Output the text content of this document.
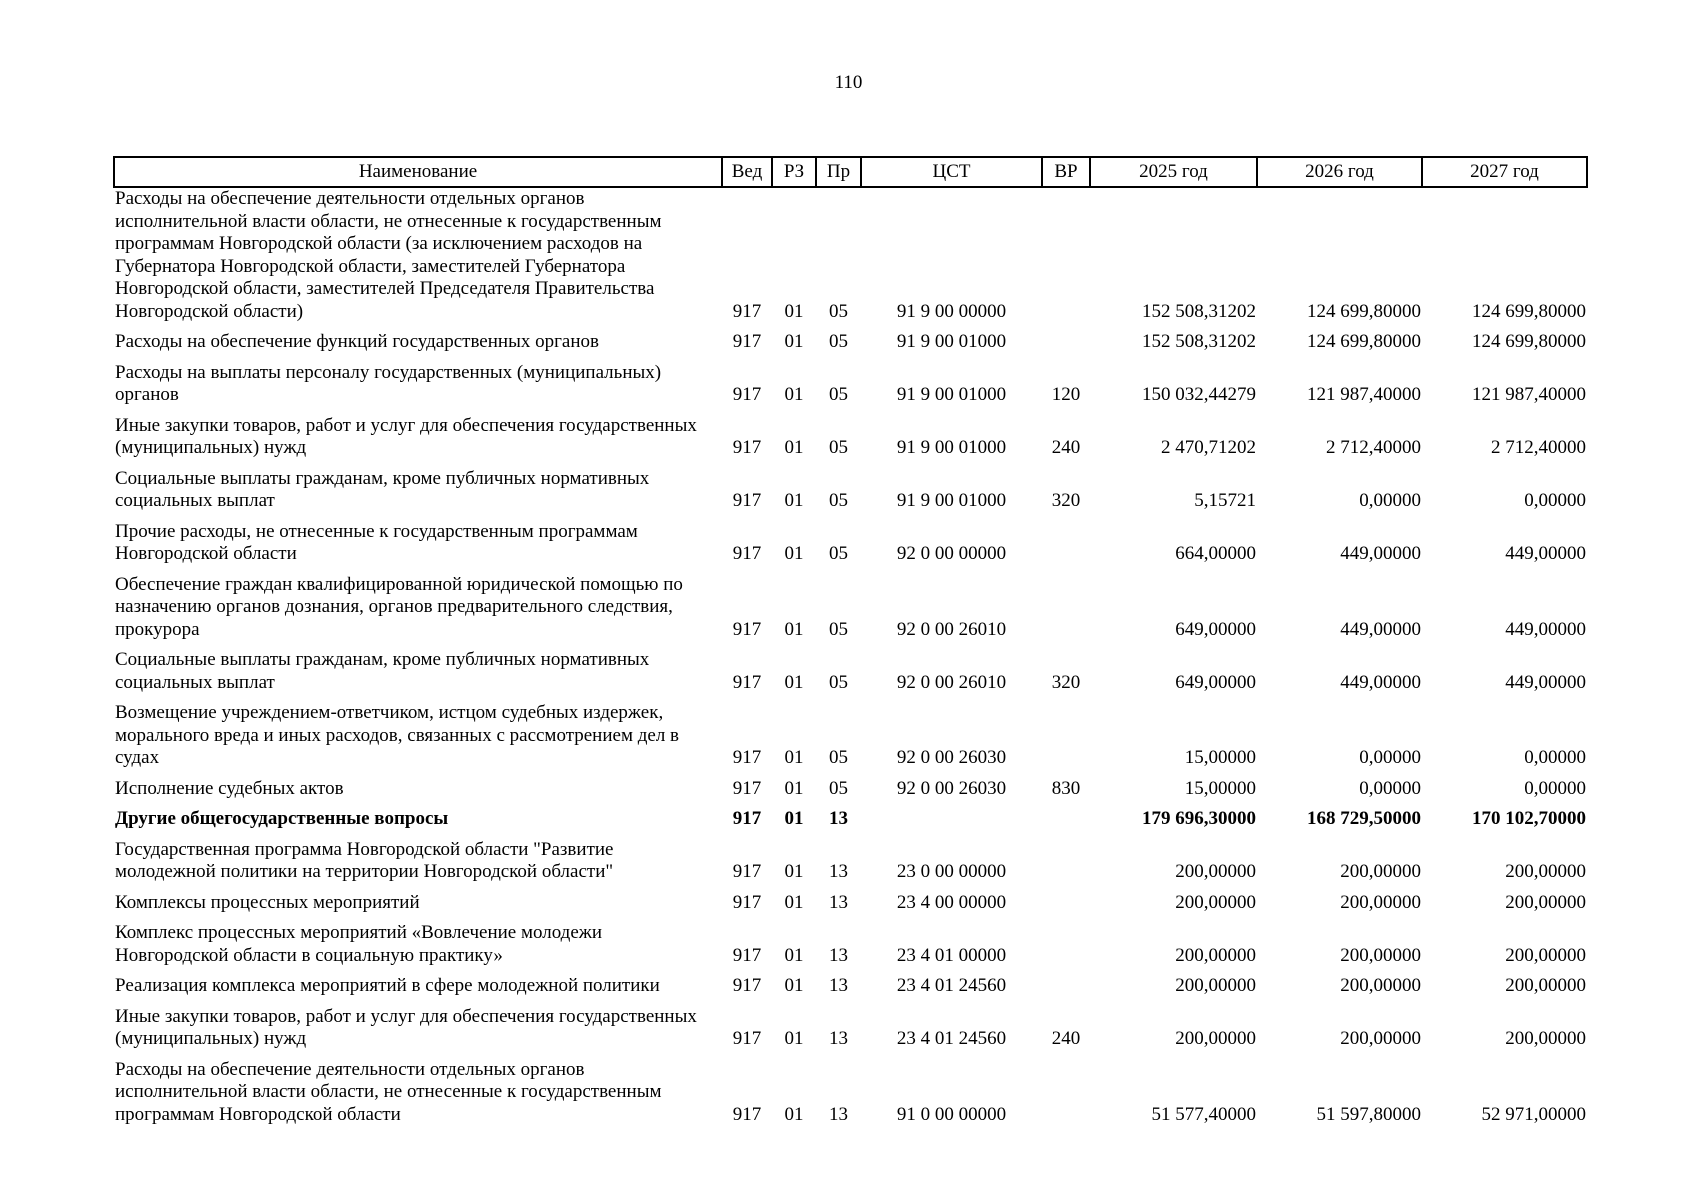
110
Наименование	Вед	РЗ	Пр	ЦСТ	ВР	2025 год	2026 год	2027 год
Расходы на обеспечение деятельности отдельных органов исполнительной власти области, не отнесенные к государственным программам Новгородской области (за исключением расходов на Губернатора Новгородской области, заместителей Губернатора Новгородской области, заместителей Председателя Правительства Новгородской области)	917	01	05	91 9 00 00000		152 508,31202	124 699,80000	124 699,80000
Расходы на обеспечение функций государственных органов	917	01	05	91 9 00 01000		152 508,31202	124 699,80000	124 699,80000
Расходы на выплаты персоналу государственных (муниципальных) органов	917	01	05	91 9 00 01000	120	150 032,44279	121 987,40000	121 987,40000
Иные закупки товаров, работ и услуг для обеспечения государственных (муниципальных) нужд	917	01	05	91 9 00 01000	240	2 470,71202	2 712,40000	2 712,40000
Социальные выплаты гражданам, кроме публичных нормативных социальных выплат	917	01	05	91 9 00 01000	320	5,15721	0,00000	0,00000
Прочие расходы, не отнесенные к государственным программам Новгородской области	917	01	05	92 0 00 00000		664,00000	449,00000	449,00000
Обеспечение граждан квалифицированной юридической помощью по назначению органов дознания, органов предварительного следствия, прокурора	917	01	05	92 0 00 26010		649,00000	449,00000	449,00000
Социальные выплаты гражданам, кроме публичных нормативных социальных выплат	917	01	05	92 0 00 26010	320	649,00000	449,00000	449,00000
Возмещение учреждением-ответчиком, истцом судебных издержек, морального вреда и иных расходов, связанных с рассмотрением дел в судах	917	01	05	92 0 00 26030		15,00000	0,00000	0,00000
Исполнение судебных актов	917	01	05	92 0 00 26030	830	15,00000	0,00000	0,00000
Другие общегосударственные вопросы	917	01	13			179 696,30000	168 729,50000	170 102,70000
Государственная программа Новгородской области "Развитие молодежной политики на территории Новгородской области"	917	01	13	23 0 00 00000		200,00000	200,00000	200,00000
Комплексы процессных мероприятий	917	01	13	23 4 00 00000		200,00000	200,00000	200,00000
Комплекс процессных мероприятий «Вовлечение молодежи Новгородской области в социальную практику»	917	01	13	23 4 01 00000		200,00000	200,00000	200,00000
Реализация комплекса мероприятий в сфере молодежной политики	917	01	13	23 4 01 24560		200,00000	200,00000	200,00000
Иные закупки товаров, работ и услуг для обеспечения государственных (муниципальных) нужд	917	01	13	23 4 01 24560	240	200,00000	200,00000	200,00000
Расходы на обеспечение деятельности отдельных органов исполнительной власти области, не отнесенные к государственным программам Новгородской области	917	01	13	91 0 00 00000		51 577,40000	51 597,80000	52 971,00000
